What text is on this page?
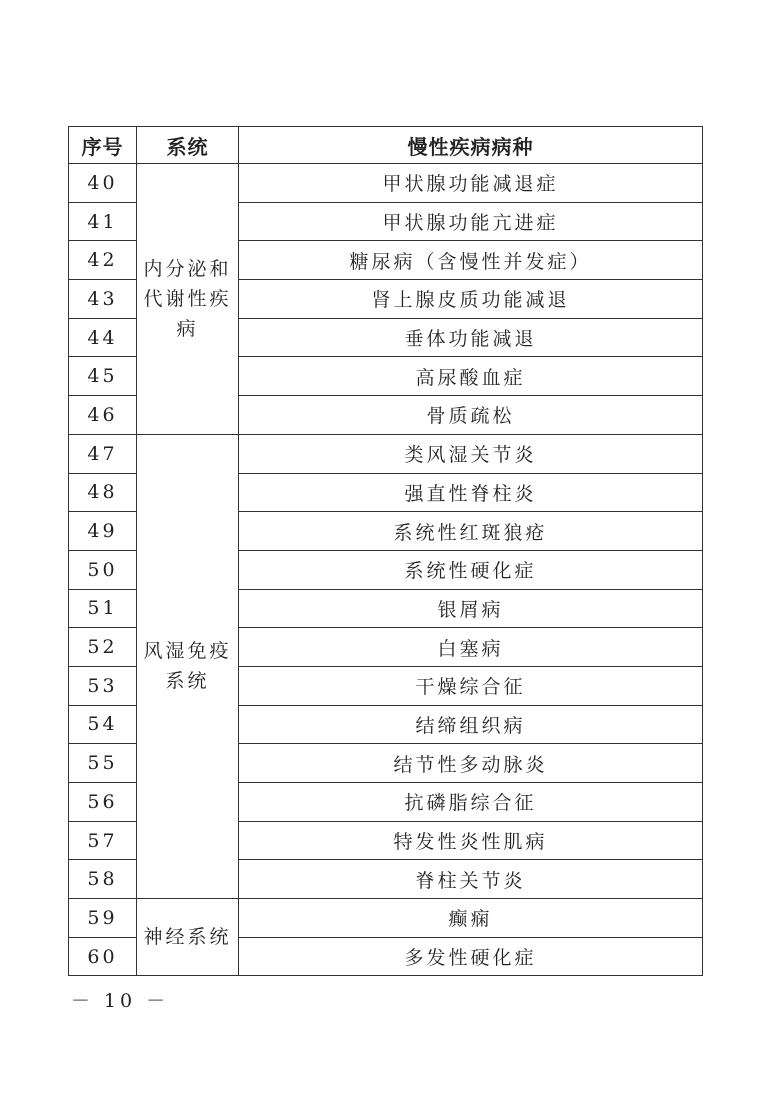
序号	系统	慢性疾病病种
40	内分泌和代谢性疾病	甲状腺功能减退症
41		甲状腺功能亢进症
42		糖尿病（含慢性并发症）
43		肾上腺皮质功能减退
44		垂体功能减退
45		高尿酸血症
46		骨质疏松
47	风湿免疫系统	类风湿关节炎
48		强直性脊柱炎
49		系统性红斑狼疮
50		系统性硬化症
51		银屑病
52		白塞病
53		干燥综合征
54		结缔组织病
55		结节性多动脉炎
56		抗磷脂综合征
57		特发性炎性肌病
58		脊柱关节炎
59	神经系统	癫痫
60		多发性硬化症
－ 10 －
